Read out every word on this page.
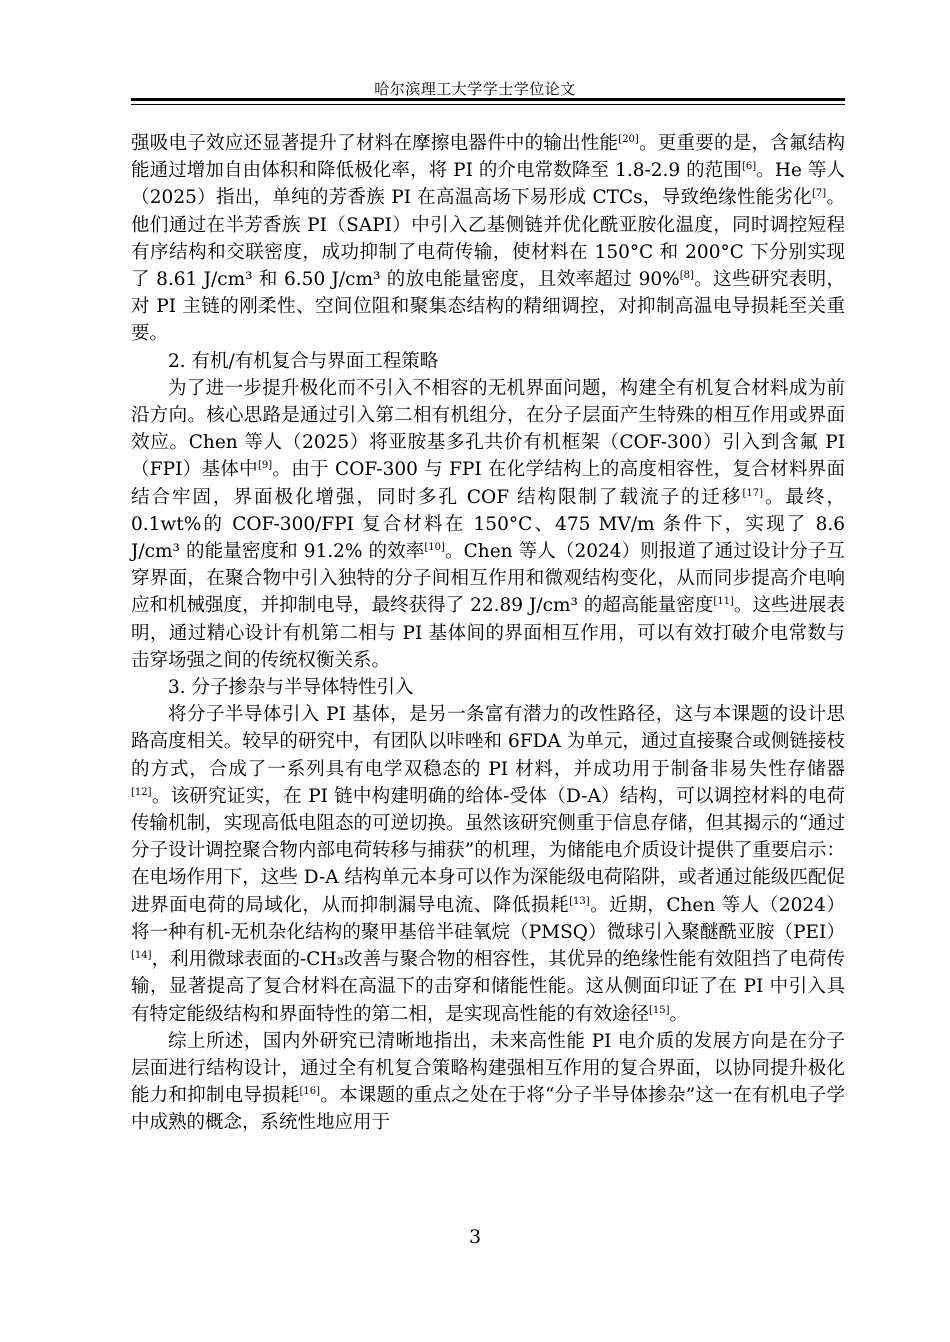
哈尔滨理工大学学士学位论文

强吸电子效应还显著提升了材料在摩擦电器件中的输出性能[20]。更重要的是，含氟结构能通过增加自由体积和降低极化率，将 PI 的介电常数降至 1.8-2.9 的范围[6]。He 等人（2025）指出，单纯的芳香族 PI 在高温高场下易形成 CTCs，导致绝缘性能劣化[7]。他们通过在半芳香族 PI（SAPI）中引入乙基侧链并优化酰亚胺化温度，同时调控短程有序结构和交联密度，成功抑制了电荷传输，使材料在 150°C 和 200°C 下分别实现了 8.61 J/cm³ 和 6.50 J/cm³ 的放电能量密度，且效率超过 90%[8]。这些研究表明，对 PI 主链的刚柔性、空间位阻和聚集态结构的精细调控，对抑制高温电导损耗至关重要。

2. 有机/有机复合与界面工程策略

为了进一步提升极化而不引入不相容的无机界面问题，构建全有机复合材料成为前沿方向。核心思路是通过引入第二相有机组分，在分子层面产生特殊的相互作用或界面效应。Chen 等人（2025）将亚胺基多孔共价有机框架（COF-300）引入到含氟 PI（FPI）基体中[9]。由于 COF-300 与 FPI 在化学结构上的高度相容性，复合材料界面结合牢固，界面极化增强，同时多孔 COF 结构限制了载流子的迁移[17]。最终，0.1wt%的 COF-300/FPI 复合材料在 150°C、475 MV/m 条件下，实现了 8.6 J/cm³ 的能量密度和 91.2% 的效率[10]。Chen 等人（2024）则报道了通过设计分子互穿界面，在聚合物中引入独特的分子间相互作用和微观结构变化，从而同步提高介电响应和机械强度，并抑制电导，最终获得了 22.89 J/cm³ 的超高能量密度[11]。这些进展表明，通过精心设计有机第二相与 PI 基体间的界面相互作用，可以有效打破介电常数与击穿场强之间的传统权衡关系。

3. 分子掺杂与半导体特性引入

将分子半导体引入 PI 基体，是另一条富有潜力的改性路径，这与本课题的设计思路高度相关。较早的研究中，有团队以咔唑和 6FDA 为单元，通过直接聚合或侧链接枝的方式，合成了一系列具有电学双稳态的 PI 材料，并成功用于制备非易失性存储器[12]。该研究证实，在 PI 链中构建明确的给体-受体（D-A）结构，可以调控材料的电荷传输机制，实现高低电阻态的可逆切换。虽然该研究侧重于信息存储，但其揭示的“通过分子设计调控聚合物内部电荷转移与捕获”的机理，为储能电介质设计提供了重要启示：在电场作用下，这些 D-A 结构单元本身可以作为深能级电荷陷阱，或者通过能级匹配促进界面电荷的局域化，从而抑制漏导电流、降低损耗[13]。近期，Chen 等人（2024）将一种有机-无机杂化结构的聚甲基倍半硅氧烷（PMSQ）微球引入聚醚酰亚胺（PEI）[14]，利用微球表面的-CH₃改善与聚合物的相容性，其优异的绝缘性能有效阻挡了电荷传输，显著提高了复合材料在高温下的击穿和储能性能。这从侧面印证了在 PI 中引入具有特定能级结构和界面特性的第二相，是实现高性能的有效途径[15]。

综上所述，国内外研究已清晰地指出，未来高性能 PI 电介质的发展方向是在分子层面进行结构设计，通过全有机复合策略构建强相互作用的复合界面，以协同提升极化能力和抑制电导损耗[16]。本课题的重点之处在于将“分子半导体掺杂”这一在有机电子学中成熟的概念，系统性地应用于

3
